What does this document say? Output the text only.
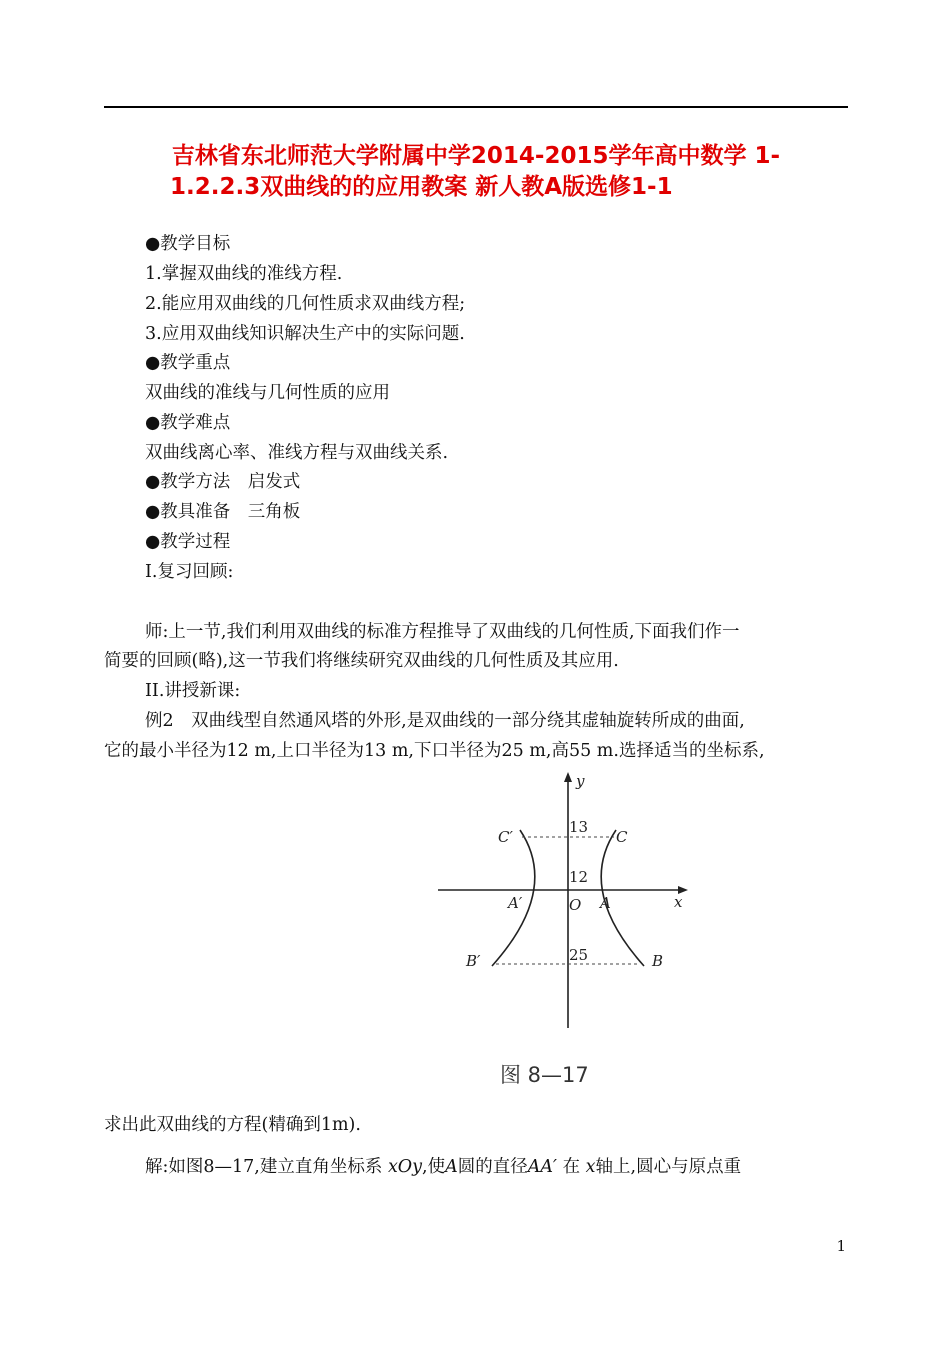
吉林省东北师范大学附属中学2014-2015学年高中数学 1-
1.2.2.3双曲线的的应用教案 新人教A版选修1-1
●教学目标
1.掌握双曲线的准线方程.
2.能应用双曲线的几何性质求双曲线方程;
3.应用双曲线知识解决生产中的实际问题.
●教学重点
双曲线的准线与几何性质的应用
●教学难点
双曲线离心率、准线方程与双曲线关系.
●教学方法　启发式
●教具准备　三角板
●教学过程
I.复习回顾:
师:上一节,我们利用双曲线的标准方程推导了双曲线的几何性质,下面我们作一
简要的回顾(略),这一节我们将继续研究双曲线的几何性质及其应用.
II.讲授新课:
例2　双曲线型自然通风塔的外形,是双曲线的一部分绕其虚轴旋转所成的曲面,
它的最小半径为12 m,上口半径为13 m,下口半径为25 m,高55 m.选择适当的坐标系,
x
y
C′	C
A′	A
B′	B
O
13
12
25
图 8—17
求出此双曲线的方程(精确到1m).
解:如图8—17,建立直角坐标系 xOy,使A圆的直径AA′ 在 x轴上,圆心与原点重
1
